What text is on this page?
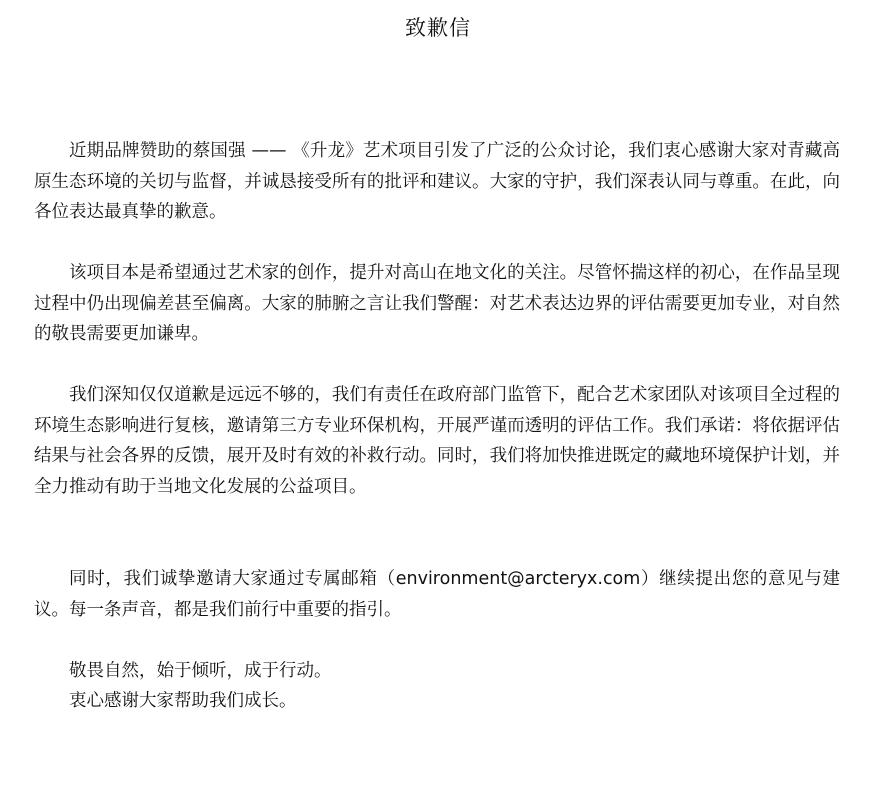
致歉信

近期品牌赞助的蔡国强 —— 《升龙》艺术项目引发了广泛的公众讨论，我们衷心感谢大家对青藏高原生态环境的关切与监督，并诚恳接受所有的批评和建议。大家的守护，我们深表认同与尊重。在此，向各位表达最真挚的歉意。

该项目本是希望通过艺术家的创作，提升对高山在地文化的关注。尽管怀揣这样的初心，在作品呈现过程中仍出现偏差甚至偏离。大家的肺腑之言让我们警醒：对艺术表达边界的评估需要更加专业，对自然的敬畏需要更加谦卑。

我们深知仅仅道歉是远远不够的，我们有责任在政府部门监管下，配合艺术家团队对该项目全过程的环境生态影响进行复核，邀请第三方专业环保机构，开展严谨而透明的评估工作。我们承诺：将依据评估结果与社会各界的反馈，展开及时有效的补救行动。同时，我们将加快推进既定的藏地环境保护计划，并全力推动有助于当地文化发展的公益项目。

同时，我们诚挚邀请大家通过专属邮箱（environment@arcteryx.com）继续提出您的意见与建议。每一条声音，都是我们前行中重要的指引。

敬畏自然，始于倾听，成于行动。
衷心感谢大家帮助我们成长。
